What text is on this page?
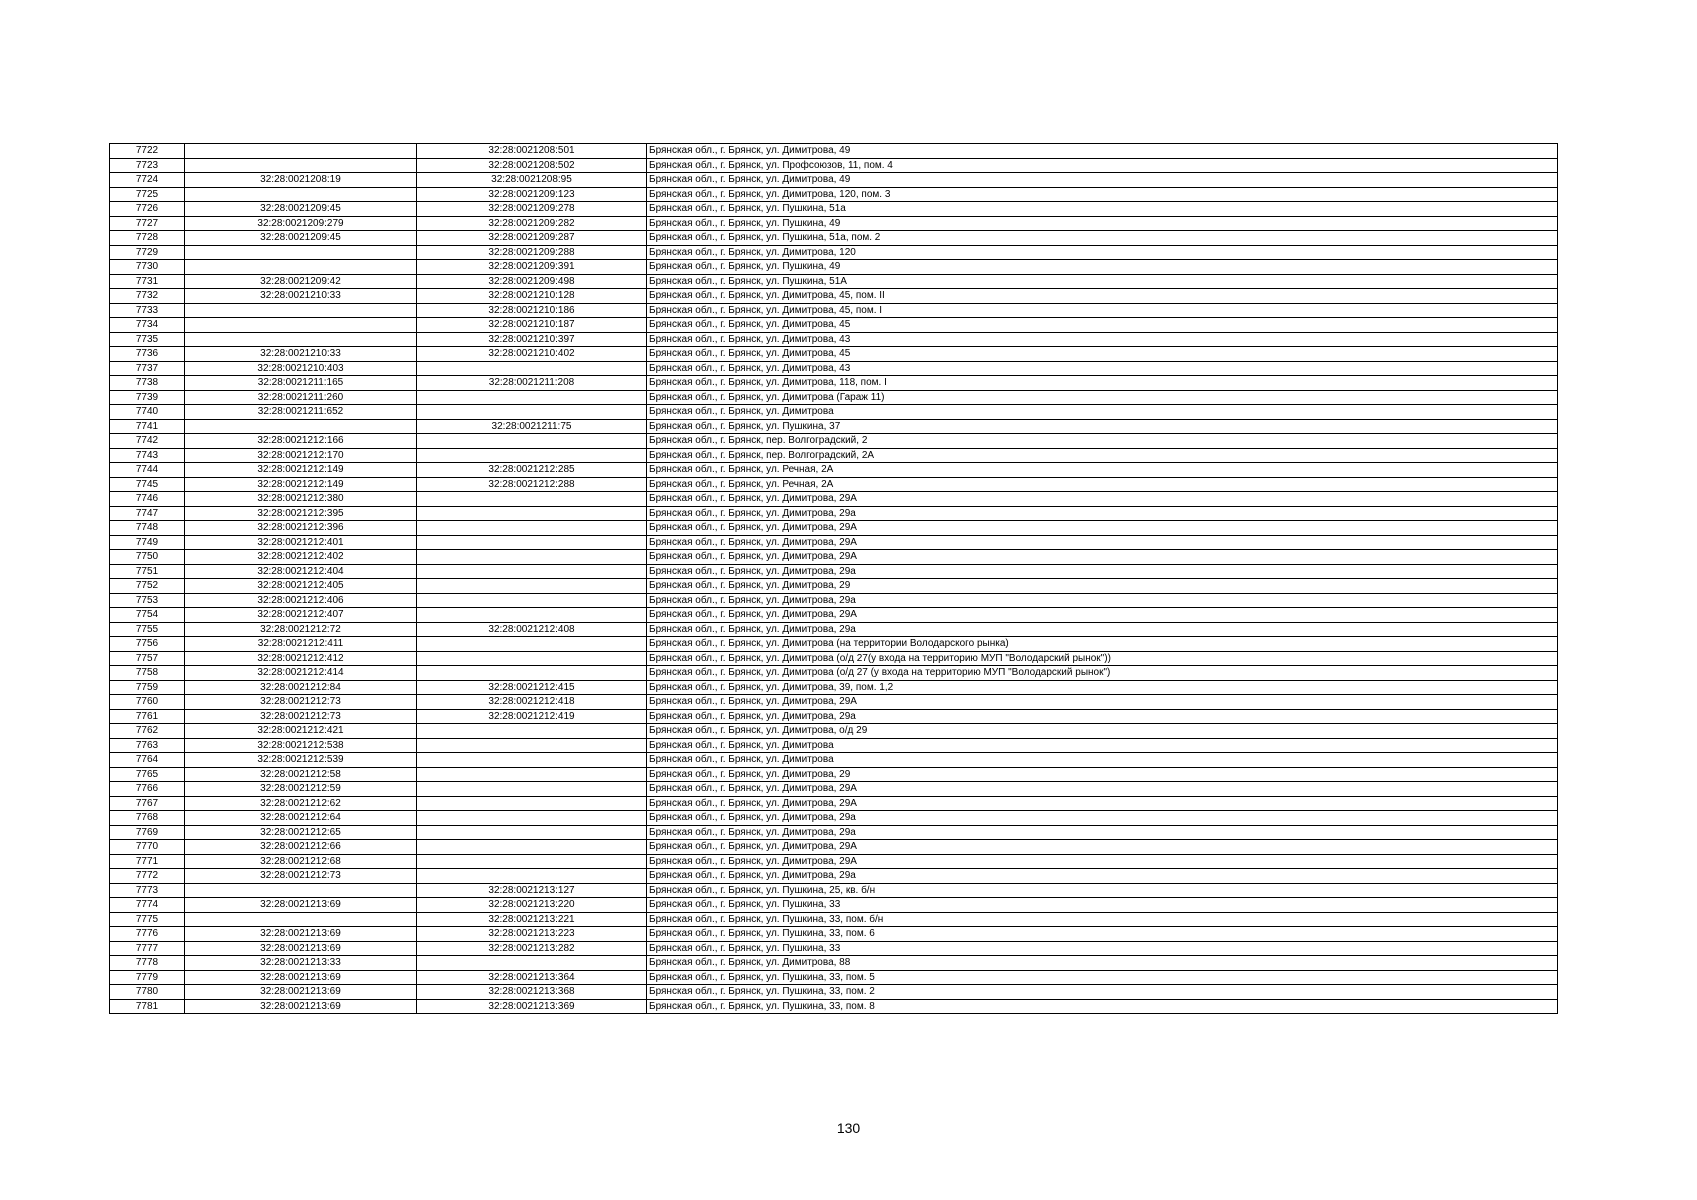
7722		32:28:0021208:501	Брянская обл., г. Брянск, ул. Димитрова, 49
7723		32:28:0021208:502	Брянская обл., г. Брянск, ул. Профсоюзов, 11, пом. 4
7724	32:28:0021208:19	32:28:0021208:95	Брянская обл., г. Брянск, ул. Димитрова, 49
7725		32:28:0021209:123	Брянская обл., г. Брянск, ул. Димитрова, 120, пом. 3
7726	32:28:0021209:45	32:28:0021209:278	Брянская обл., г. Брянск, ул. Пушкина, 51а
7727	32:28:0021209:279	32:28:0021209:282	Брянская обл., г. Брянск, ул. Пушкина, 49
7728	32:28:0021209:45	32:28:0021209:287	Брянская обл., г. Брянск, ул. Пушкина, 51а, пом. 2
7729		32:28:0021209:288	Брянская обл., г. Брянск, ул. Димитрова, 120
7730		32:28:0021209:391	Брянская обл., г. Брянск, ул. Пушкина, 49
7731	32:28:0021209:42	32:28:0021209:498	Брянская обл., г. Брянск, ул. Пушкина, 51А
7732	32:28:0021210:33	32:28:0021210:128	Брянская обл., г. Брянск, ул. Димитрова, 45, пом. II
7733		32:28:0021210:186	Брянская обл., г. Брянск, ул. Димитрова, 45, пом. I
7734		32:28:0021210:187	Брянская обл., г. Брянск, ул. Димитрова, 45
7735		32:28:0021210:397	Брянская обл., г. Брянск, ул. Димитрова, 43
7736	32:28:0021210:33	32:28:0021210:402	Брянская обл., г. Брянск, ул. Димитрова, 45
7737	32:28:0021210:403		Брянская обл., г. Брянск, ул. Димитрова, 43
7738	32:28:0021211:165	32:28:0021211:208	Брянская обл., г. Брянск, ул. Димитрова, 118, пом. I
7739	32:28:0021211:260		Брянская обл., г. Брянск, ул. Димитрова (Гараж 11)
7740	32:28:0021211:652		Брянская обл., г. Брянск, ул. Димитрова
7741		32:28:0021211:75	Брянская обл., г. Брянск, ул. Пушкина, 37
7742	32:28:0021212:166		Брянская обл., г. Брянск, пер. Волгоградский, 2
7743	32:28:0021212:170		Брянская обл., г. Брянск, пер. Волгоградский, 2А
7744	32:28:0021212:149	32:28:0021212:285	Брянская обл., г. Брянск, ул. Речная, 2А
7745	32:28:0021212:149	32:28:0021212:288	Брянская обл., г. Брянск, ул. Речная, 2А
7746	32:28:0021212:380		Брянская обл., г. Брянск, ул. Димитрова, 29А
7747	32:28:0021212:395		Брянская обл., г. Брянск, ул. Димитрова, 29а
7748	32:28:0021212:396		Брянская обл., г. Брянск, ул. Димитрова, 29А
7749	32:28:0021212:401		Брянская обл., г. Брянск, ул. Димитрова, 29А
7750	32:28:0021212:402		Брянская обл., г. Брянск, ул. Димитрова, 29А
7751	32:28:0021212:404		Брянская обл., г. Брянск, ул. Димитрова, 29а
7752	32:28:0021212:405		Брянская обл., г. Брянск, ул. Димитрова, 29
7753	32:28:0021212:406		Брянская обл., г. Брянск, ул. Димитрова, 29а
7754	32:28:0021212:407		Брянская обл., г. Брянск, ул. Димитрова, 29А
7755	32:28:0021212:72	32:28:0021212:408	Брянская обл., г. Брянск, ул. Димитрова, 29а
7756	32:28:0021212:411		Брянская обл., г. Брянск, ул. Димитрова (на территории Володарского рынка)
7757	32:28:0021212:412		Брянская обл., г. Брянск, ул. Димитрова (о/д 27(у входа на территорию МУП "Володарский рынок"))
7758	32:28:0021212:414		Брянская обл., г. Брянск, ул. Димитрова (о/д 27 (у входа на территорию МУП "Володарский рынок")
7759	32:28:0021212:84	32:28:0021212:415	Брянская обл., г. Брянск, ул. Димитрова, 39, пом. 1,2
7760	32:28:0021212:73	32:28:0021212:418	Брянская обл., г. Брянск, ул. Димитрова, 29А
7761	32:28:0021212:73	32:28:0021212:419	Брянская обл., г. Брянск, ул. Димитрова, 29а
7762	32:28:0021212:421		Брянская обл., г. Брянск, ул. Димитрова, о/д 29
7763	32:28:0021212:538		Брянская обл., г. Брянск, ул. Димитрова
7764	32:28:0021212:539		Брянская обл., г. Брянск, ул. Димитрова
7765	32:28:0021212:58		Брянская обл., г. Брянск, ул. Димитрова, 29
7766	32:28:0021212:59		Брянская обл., г. Брянск, ул. Димитрова, 29А
7767	32:28:0021212:62		Брянская обл., г. Брянск, ул. Димитрова, 29А
7768	32:28:0021212:64		Брянская обл., г. Брянск, ул. Димитрова, 29а
7769	32:28:0021212:65		Брянская обл., г. Брянск, ул. Димитрова, 29а
7770	32:28:0021212:66		Брянская обл., г. Брянск, ул. Димитрова, 29А
7771	32:28:0021212:68		Брянская обл., г. Брянск, ул. Димитрова, 29А
7772	32:28:0021212:73		Брянская обл., г. Брянск, ул. Димитрова, 29а
7773		32:28:0021213:127	Брянская обл., г. Брянск, ул. Пушкина, 25, кв. б/н
7774	32:28:0021213:69	32:28:0021213:220	Брянская обл., г. Брянск, ул. Пушкина, 33
7775		32:28:0021213:221	Брянская обл., г. Брянск, ул. Пушкина, 33, пом. б/н
7776	32:28:0021213:69	32:28:0021213:223	Брянская обл., г. Брянск, ул. Пушкина, 33, пом. 6
7777	32:28:0021213:69	32:28:0021213:282	Брянская обл., г. Брянск, ул. Пушкина, 33
7778	32:28:0021213:33		Брянская обл., г. Брянск, ул. Димитрова, 88
7779	32:28:0021213:69	32:28:0021213:364	Брянская обл., г. Брянск, ул. Пушкина, 33, пом. 5
7780	32:28:0021213:69	32:28:0021213:368	Брянская обл., г. Брянск, ул. Пушкина, 33, пом. 2
7781	32:28:0021213:69	32:28:0021213:369	Брянская обл., г. Брянск, ул. Пушкина, 33, пом. 8
130
